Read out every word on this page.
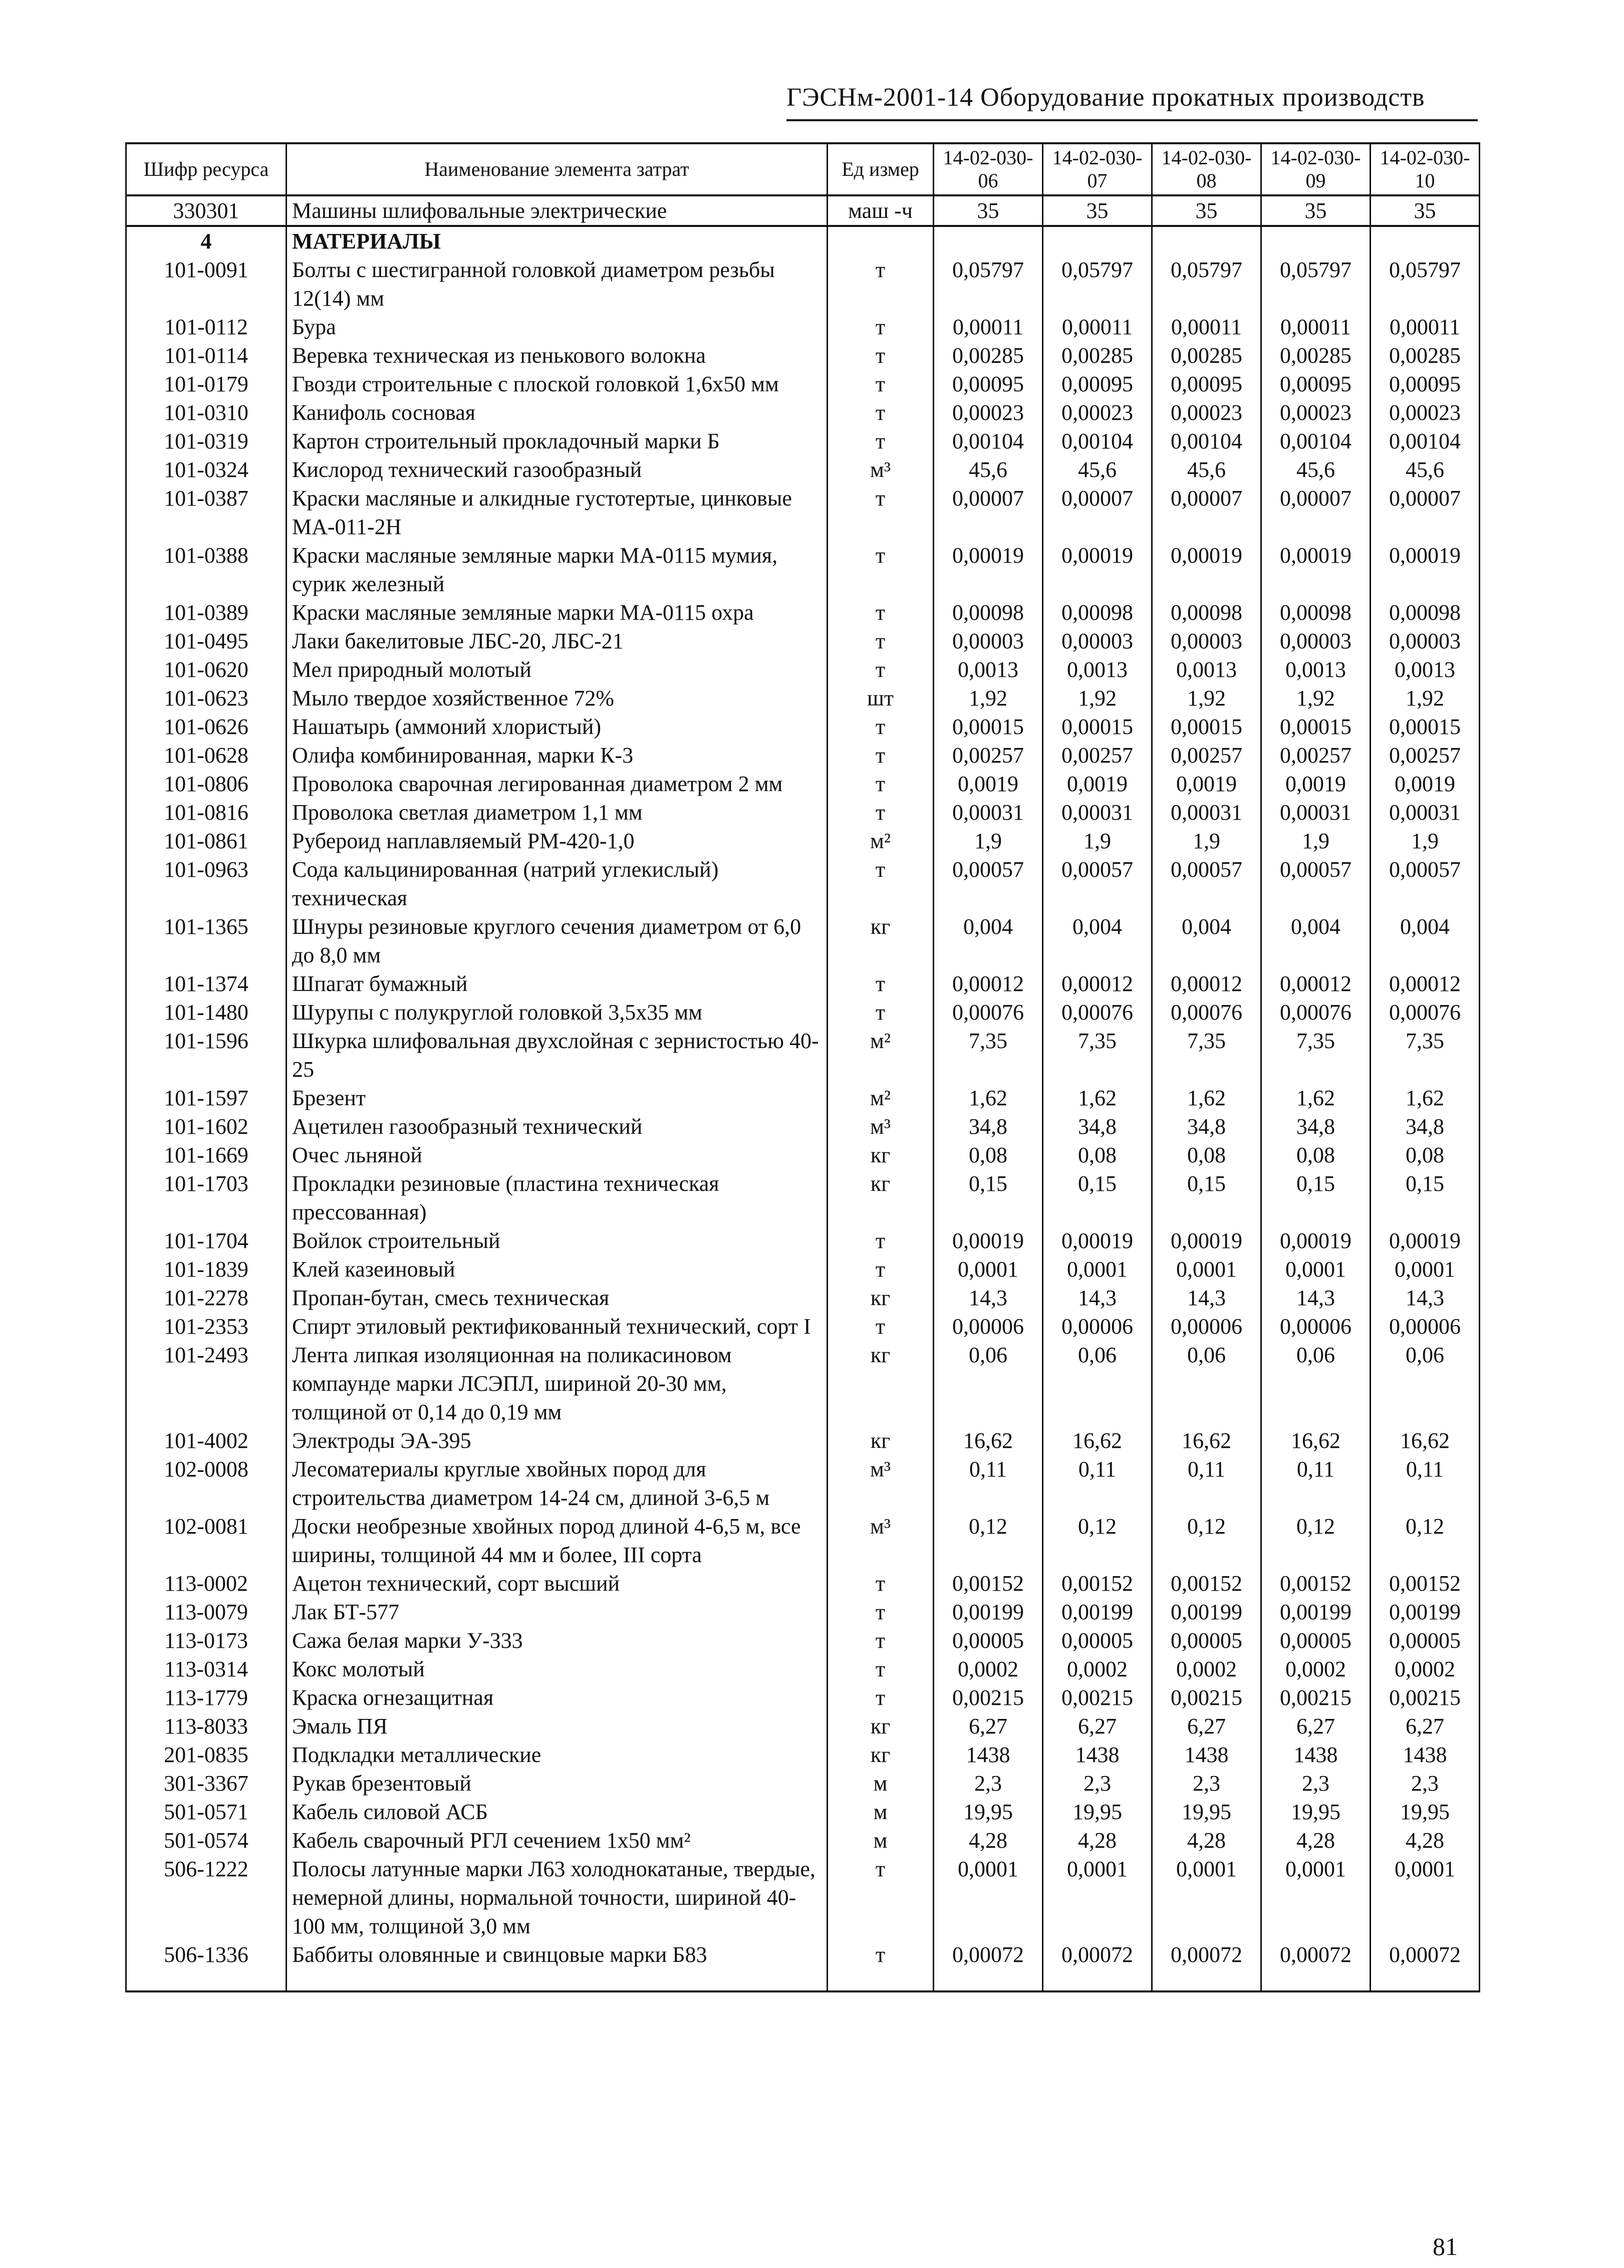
ГЭСНм-2001-14 Оборудование прокатных производств
Шифр ресурса	Наименование элемента затрат	Ед измер	14-02-030-06	14-02-030-07	14-02-030-08	14-02-030-09	14-02-030-10
330301	Машины шлифовальные электрические	маш -ч	35	35	35	35	35
4	МАТЕРИАЛЫ						
101-0091	Болты с шестигранной головкой диаметром резьбы 12(14) мм	т	0,05797	0,05797	0,05797	0,05797	0,05797
101-0112	Бура	т	0,00011	0,00011	0,00011	0,00011	0,00011
101-0114	Веревка техническая из пенькового волокна	т	0,00285	0,00285	0,00285	0,00285	0,00285
101-0179	Гвозди строительные с плоской головкой 1,6х50 мм	т	0,00095	0,00095	0,00095	0,00095	0,00095
101-0310	Канифоль сосновая	т	0,00023	0,00023	0,00023	0,00023	0,00023
101-0319	Картон строительный прокладочный марки Б	т	0,00104	0,00104	0,00104	0,00104	0,00104
101-0324	Кислород технический газообразный	м³	45,6	45,6	45,6	45,6	45,6
101-0387	Краски масляные и алкидные густотертые, цинковые МА-011-2Н	т	0,00007	0,00007	0,00007	0,00007	0,00007
101-0388	Краски масляные земляные марки МА-0115 мумия, сурик железный	т	0,00019	0,00019	0,00019	0,00019	0,00019
101-0389	Краски масляные земляные марки МА-0115 охра	т	0,00098	0,00098	0,00098	0,00098	0,00098
101-0495	Лаки бакелитовые ЛБС-20, ЛБС-21	т	0,00003	0,00003	0,00003	0,00003	0,00003
101-0620	Мел природный молотый	т	0,0013	0,0013	0,0013	0,0013	0,0013
101-0623	Мыло твердое хозяйственное 72%	шт	1,92	1,92	1,92	1,92	1,92
101-0626	Нашатырь (аммоний хлористый)	т	0,00015	0,00015	0,00015	0,00015	0,00015
101-0628	Олифа комбинированная, марки К-3	т	0,00257	0,00257	0,00257	0,00257	0,00257
101-0806	Проволока сварочная легированная диаметром 2 мм	т	0,0019	0,0019	0,0019	0,0019	0,0019
101-0816	Проволока светлая диаметром 1,1 мм	т	0,00031	0,00031	0,00031	0,00031	0,00031
101-0861	Рубероид наплавляемый РМ-420-1,0	м²	1,9	1,9	1,9	1,9	1,9
101-0963	Сода кальцинированная (натрий углекислый) техническая	т	0,00057	0,00057	0,00057	0,00057	0,00057
101-1365	Шнуры резиновые круглого сечения диаметром от 6,0 до 8,0 мм	кг	0,004	0,004	0,004	0,004	0,004
101-1374	Шпагат бумажный	т	0,00012	0,00012	0,00012	0,00012	0,00012
101-1480	Шурупы с полукруглой головкой 3,5х35 мм	т	0,00076	0,00076	0,00076	0,00076	0,00076
101-1596	Шкурка шлифовальная двухслойная с зернистостью 40-25	м²	7,35	7,35	7,35	7,35	7,35
101-1597	Брезент	м²	1,62	1,62	1,62	1,62	1,62
101-1602	Ацетилен газообразный технический	м³	34,8	34,8	34,8	34,8	34,8
101-1669	Очес льняной	кг	0,08	0,08	0,08	0,08	0,08
101-1703	Прокладки резиновые (пластина техническая прессованная)	кг	0,15	0,15	0,15	0,15	0,15
101-1704	Войлок строительный	т	0,00019	0,00019	0,00019	0,00019	0,00019
101-1839	Клей казеиновый	т	0,0001	0,0001	0,0001	0,0001	0,0001
101-2278	Пропан-бутан, смесь техническая	кг	14,3	14,3	14,3	14,3	14,3
101-2353	Спирт этиловый ректификованный технический, сорт I	т	0,00006	0,00006	0,00006	0,00006	0,00006
101-2493	Лента липкая изоляционная на поликасиновом компаунде марки ЛСЭПЛ, шириной 20-30 мм, толщиной от 0,14 до 0,19 мм	кг	0,06	0,06	0,06	0,06	0,06
101-4002	Электроды ЭА-395	кг	16,62	16,62	16,62	16,62	16,62
102-0008	Лесоматериалы круглые хвойных пород для строительства диаметром 14-24 см, длиной 3-6,5 м	м³	0,11	0,11	0,11	0,11	0,11
102-0081	Доски необрезные хвойных пород длиной 4-6,5 м, все ширины, толщиной 44 мм и более, III сорта	м³	0,12	0,12	0,12	0,12	0,12
113-0002	Ацетон технический, сорт высший	т	0,00152	0,00152	0,00152	0,00152	0,00152
113-0079	Лак БТ-577	т	0,00199	0,00199	0,00199	0,00199	0,00199
113-0173	Сажа белая марки У-333	т	0,00005	0,00005	0,00005	0,00005	0,00005
113-0314	Кокс молотый	т	0,0002	0,0002	0,0002	0,0002	0,0002
113-1779	Краска огнезащитная	т	0,00215	0,00215	0,00215	0,00215	0,00215
113-8033	Эмаль ПЯ	кг	6,27	6,27	6,27	6,27	6,27
201-0835	Подкладки металлические	кг	1438	1438	1438	1438	1438
301-3367	Рукав брезентовый	м	2,3	2,3	2,3	2,3	2,3
501-0571	Кабель силовой АСБ	м	19,95	19,95	19,95	19,95	19,95
501-0574	Кабель сварочный РГЛ сечением 1х50 мм²	м	4,28	4,28	4,28	4,28	4,28
506-1222	Полосы латунные марки Л63 холоднокатаные, твердые, немерной длины, нормальной точности, шириной 40-100 мм, толщиной 3,0 мм	т	0,0001	0,0001	0,0001	0,0001	0,0001
506-1336	Баббиты оловянные и свинцовые марки Б83	т	0,00072	0,00072	0,00072	0,00072	0,00072
81
